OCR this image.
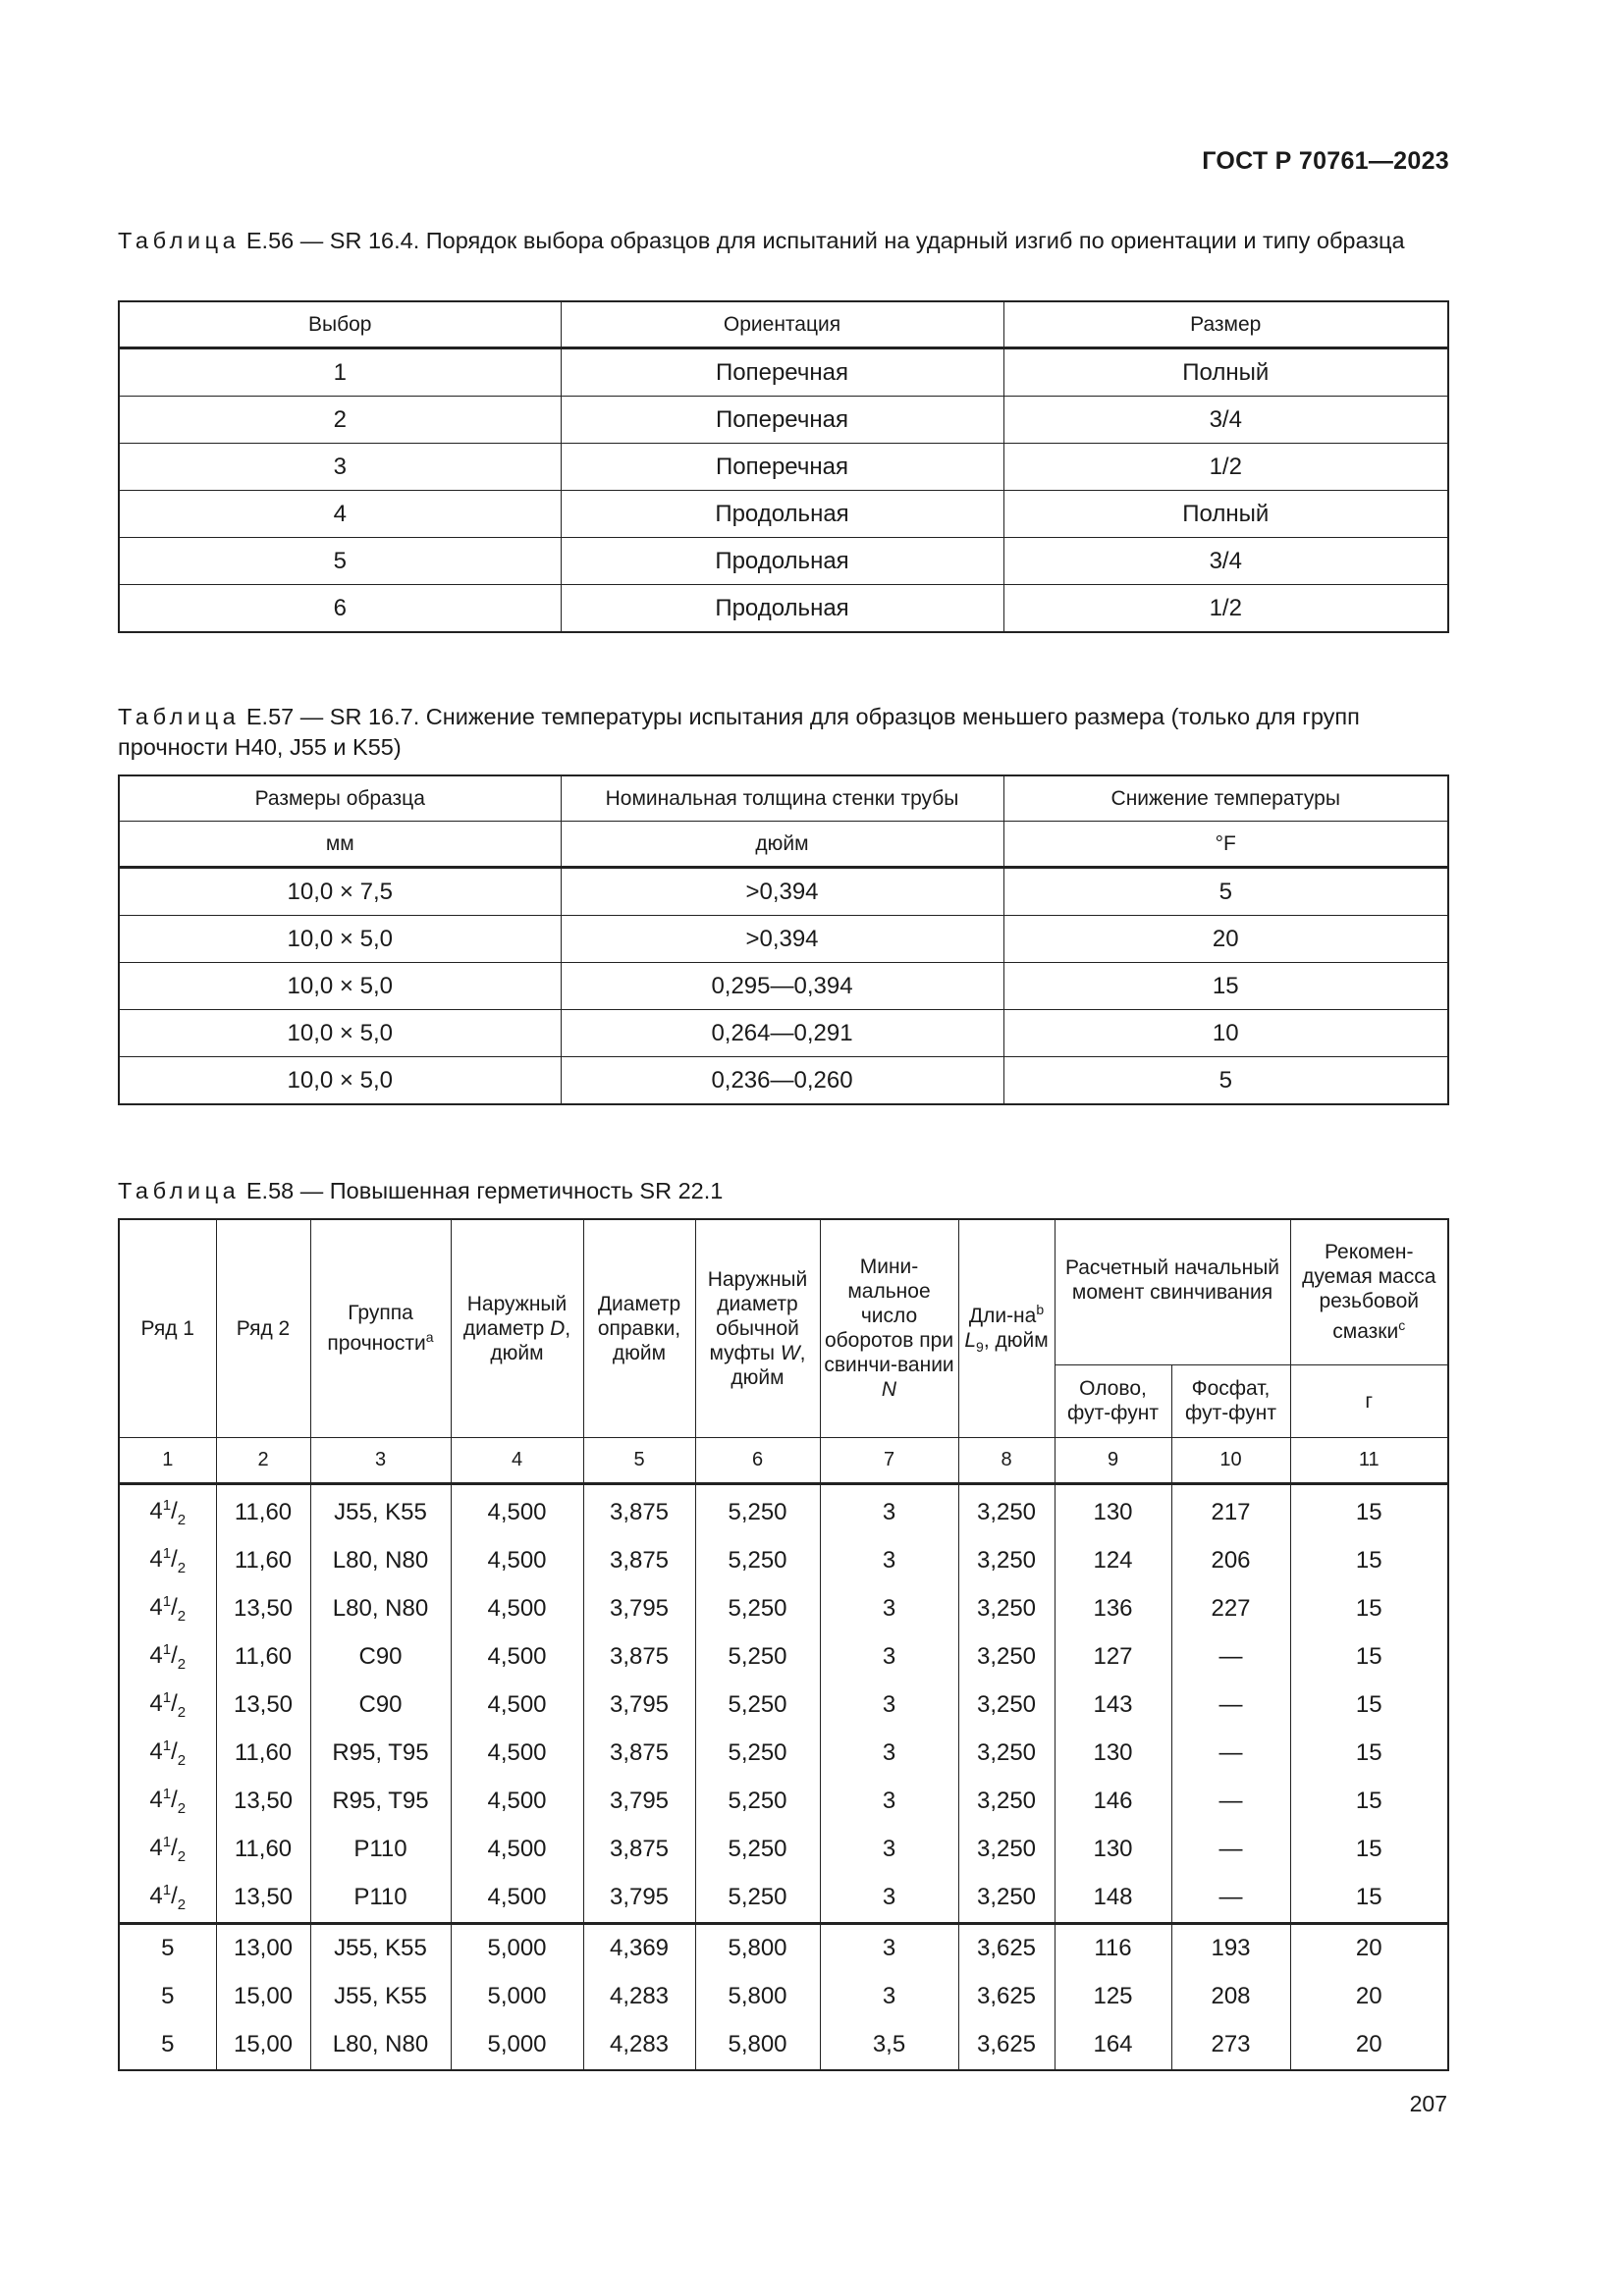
ГОСТ Р 70761—2023
Таблица Е.56 — SR 16.4. Порядок выбора образцов для испытаний на ударный изгиб по ориентации и типу образца
Выбор	Ориентация	Размер
1	Поперечная	Полный
2	Поперечная	3/4
3	Поперечная	1/2
4	Продольная	Полный
5	Продольная	3/4
6	Продольная	1/2
Таблица Е.57 — SR 16.7. Снижение температуры испытания для образцов меньшего размера (только для групп прочности H40, J55 и K55)
Размеры образца	Номинальная толщина стенки трубы	Снижение температуры
мм	дюйм	°F
10,0 × 7,5	>0,394	5
10,0 × 5,0	>0,394	20
10,0 × 5,0	0,295—0,394	15
10,0 × 5,0	0,264—0,291	10
10,0 × 5,0	0,236—0,260	5
Таблица Е.58 — Повышенная герметичность SR 22.1
Ряд 1	Ряд 2	Группа прочности$^a$	Наружный диаметр D, дюйм	Диаметр оправки, дюйм	Наружный диаметр обычной муфты W, дюйм	Мини-мальное число оборотов при свинчи-вании N	Дли-$на^b$ $L_9$, дюйм	Расчетный начальный момент свинчивания		Рекомен-дуемая масса резьбовой смазки$^c$
								Олово, фут-фунт	Фосфат, фут-фунт	г
1	2	3	4	5	6	7	8	9	10	11
$4^1/_2$	11,60	J55, K55	4,500	3,875	5,250	3	3,250	130	217	15
$4^1/_2$	11,60	L80, N80	4,500	3,875	5,250	3	3,250	124	206	15
$4^1/_2$	13,50	L80, N80	4,500	3,795	5,250	3	3,250	136	227	15
$4^1/_2$	11,60	C90	4,500	3,875	5,250	3	3,250	127	—	15
$4^1/_2$	13,50	C90	4,500	3,795	5,250	3	3,250	143	—	15
$4^1/_2$	11,60	R95, T95	4,500	3,875	5,250	3	3,250	130	—	15
$4^1/_2$	13,50	R95, T95	4,500	3,795	5,250	3	3,250	146	—	15
$4^1/_2$	11,60	P110	4,500	3,875	5,250	3	3,250	130	—	15
$4^1/_2$	13,50	P110	4,500	3,795	5,250	3	3,250	148	—	15
5	13,00	J55, K55	5,000	4,369	5,800	3	3,625	116	193	20
5	15,00	J55, K55	5,000	4,283	5,800	3	3,625	125	208	20
5	15,00	L80, N80	5,000	4,283	5,800	3,5	3,625	164	273	20
207
